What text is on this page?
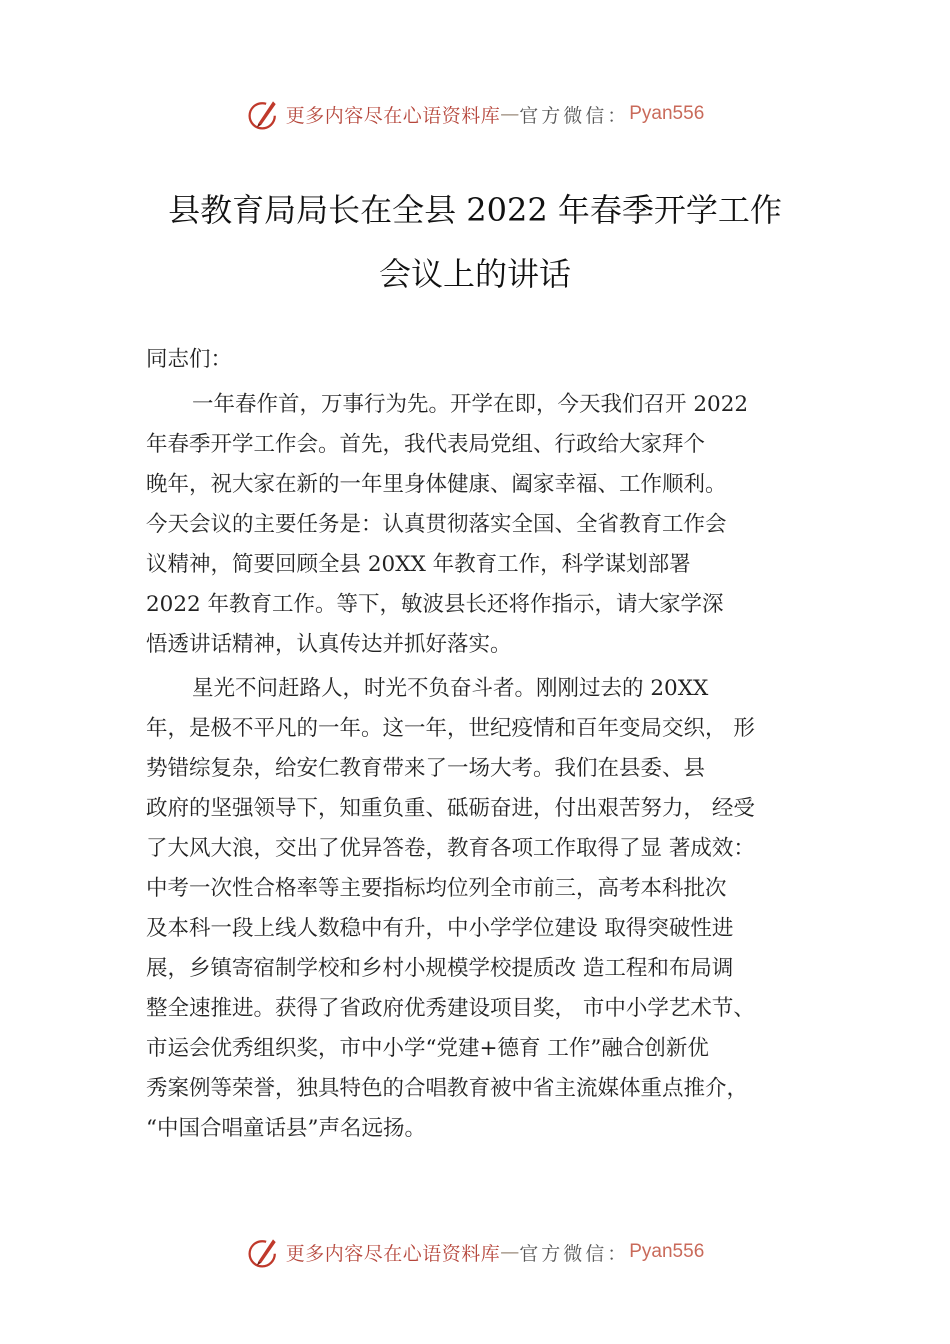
更多内容尽在心语资料库 — 官方微信： Pyan556
县教育局局长在全县 2022 年春季开学工作
会议上的讲话
同志们：
一年春作首，万事行为先。开学在即，今天我们召开 2022
年春季开学工作会。首先，我代表局党组、行政给大家拜个
晚年，祝大家在新的一年里身体健康、阖家幸福、工作顺利。
今天会议的主要任务是：认真贯彻落实全国、全省教育工作会
议精神，简要回顾全县 20XX 年教育工作，科学谋划部署
2022 年教育工作。等下，敏波县长还将作指示，请大家学深
悟透讲话精神，认真传达并抓好落实。
星光不问赶路人，时光不负奋斗者。刚刚过去的 20XX
年，是极不平凡的一年。这一年，世纪疫情和百年变局交织， 形
势错综复杂，给安仁教育带来了一场大考。我们在县委、县
政府的坚强领导下，知重负重、砥砺奋进，付出艰苦努力， 经受
了大风大浪，交出了优异答卷，教育各项工作取得了显 著成效：
中考一次性合格率等主要指标均位列全市前三，高考本科批次
及本科一段上线人数稳中有升，中小学学位建设 取得突破性进
展，乡镇寄宿制学校和乡村小规模学校提质改 造工程和布局调
整全速推进。获得了省政府优秀建设项目奖， 市中小学艺术节、
市运会优秀组织奖，市中小学“党建+德育 工作”融合创新优
秀案例等荣誉，独具特色的合唱教育被中省主流媒体重点推介，
“中国合唱童话县”声名远扬。
更多内容尽在心语资料库 — 官方微信： Pyan556
